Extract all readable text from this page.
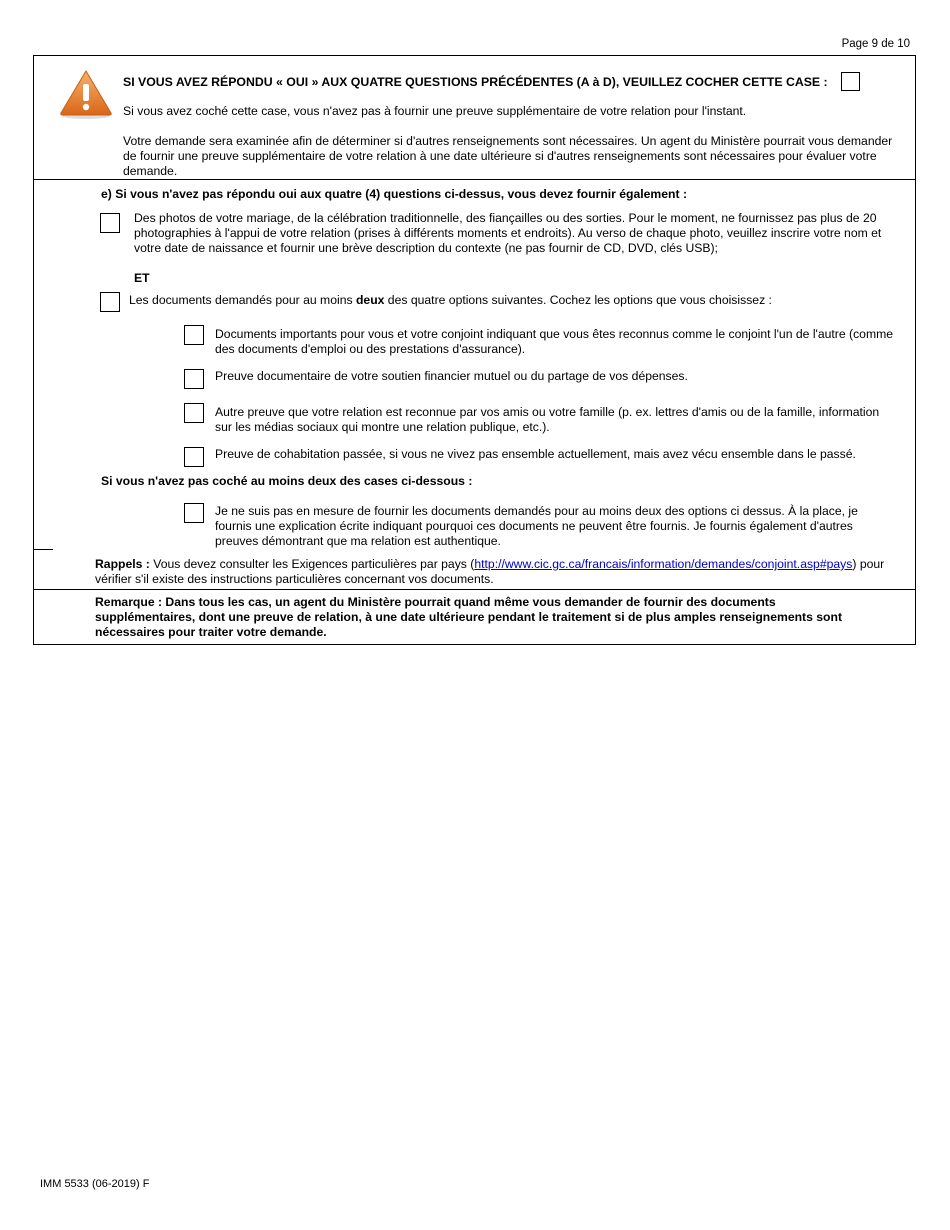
Page 9 de 10
SI VOUS AVEZ RÉPONDU « OUI » AUX QUATRE QUESTIONS PRÉCÉDENTES (A à D), VEUILLEZ COCHER CETTE CASE :
Si vous avez coché cette case, vous n'avez pas à fournir une preuve supplémentaire de votre relation pour l'instant.
Votre demande sera examinée afin de déterminer si d'autres renseignements sont nécessaires. Un agent du Ministère pourrait vous demander de fournir une preuve supplémentaire de votre relation à une date ultérieure si d'autres renseignements sont nécessaires pour évaluer votre demande.
e) Si vous n'avez pas répondu oui aux quatre (4) questions ci-dessus, vous devez fournir également :
Des photos de votre mariage, de la célébration traditionnelle, des fiançailles ou des sorties. Pour le moment, ne fournissez pas plus de 20 photographies à l'appui de votre relation (prises à différents moments et endroits). Au verso de chaque photo, veuillez inscrire votre nom et votre date de naissance et fournir une brève description du contexte (ne pas fournir de CD, DVD, clés USB);
ET
Les documents demandés pour au moins deux des quatre options suivantes. Cochez les options que vous choisissez :
Documents importants pour vous et votre conjoint indiquant que vous êtes reconnus comme le conjoint l'un de l'autre (comme des documents d'emploi ou des prestations d'assurance).
Preuve documentaire de votre soutien financier mutuel ou du partage de vos dépenses.
Autre preuve que votre relation est reconnue par vos amis ou votre famille (p. ex. lettres d'amis ou de la famille, information sur les médias sociaux qui montre une relation publique, etc.).
Preuve de cohabitation passée, si vous ne vivez pas ensemble actuellement, mais avez vécu ensemble dans le passé.
Si vous n'avez pas coché au moins deux des cases ci-dessous :
Je ne suis pas en mesure de fournir les documents demandés pour au moins deux des options ci dessus. À la place, je fournis une explication écrite indiquant pourquoi ces documents ne peuvent être fournis. Je fournis également d'autres preuves démontrant que ma relation est authentique.
Rappels : Vous devez consulter les Exigences particulières par pays (http://www.cic.gc.ca/francais/information/demandes/conjoint.asp#pays) pour vérifier s'il existe des instructions particulières concernant vos documents.
Remarque : Dans tous les cas, un agent du Ministère pourrait quand même vous demander de fournir des documents supplémentaires, dont une preuve de relation, à une date ultérieure pendant le traitement si de plus amples renseignements sont nécessaires pour traiter votre demande.
IMM 5533 (06-2019) F
